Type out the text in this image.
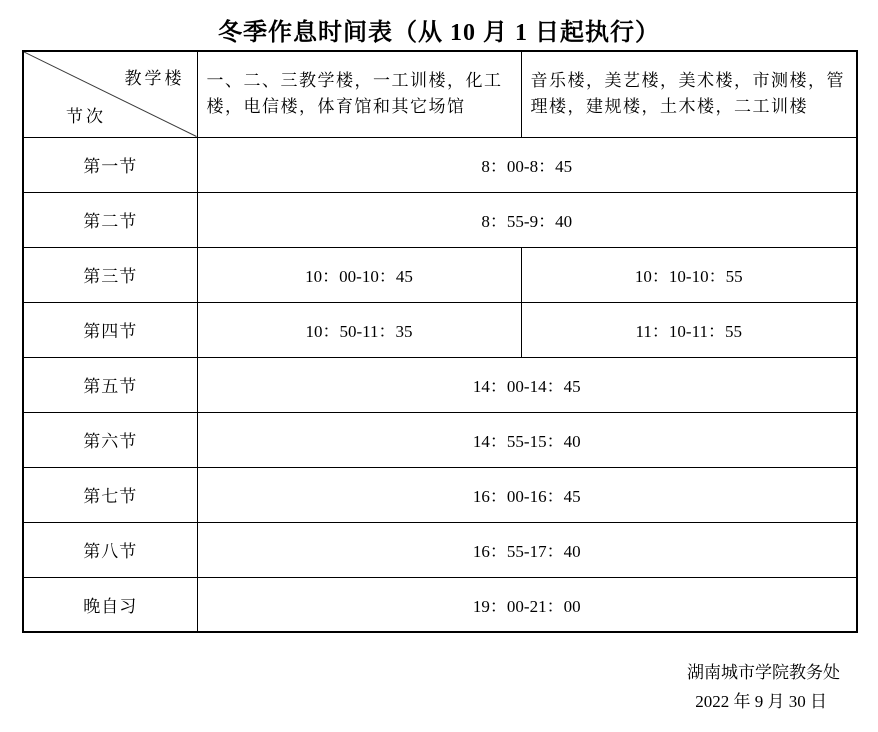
冬季作息时间表（从 10 月 1 日起执行）
教学楼
节次	一、二、三教学楼，一工训楼，化工楼，电信楼，体育馆和其它场馆	音乐楼，美艺楼，美术楼，市测楼，管理楼，建规楼，土木楼，二工训楼
第一节	8：00-8：45	
第二节	8：55-9：40	
第三节	10：00-10：45	10：10-10：55
第四节	10：50-11：35	11：10-11：55
第五节	14：00-14：45	
第六节	14：55-15：40	
第七节	16：00-16：45	
第八节	16：55-17：40	
晚自习	19：00-21：00	
湖南城市学院教务处
2022 年 9 月 30 日
